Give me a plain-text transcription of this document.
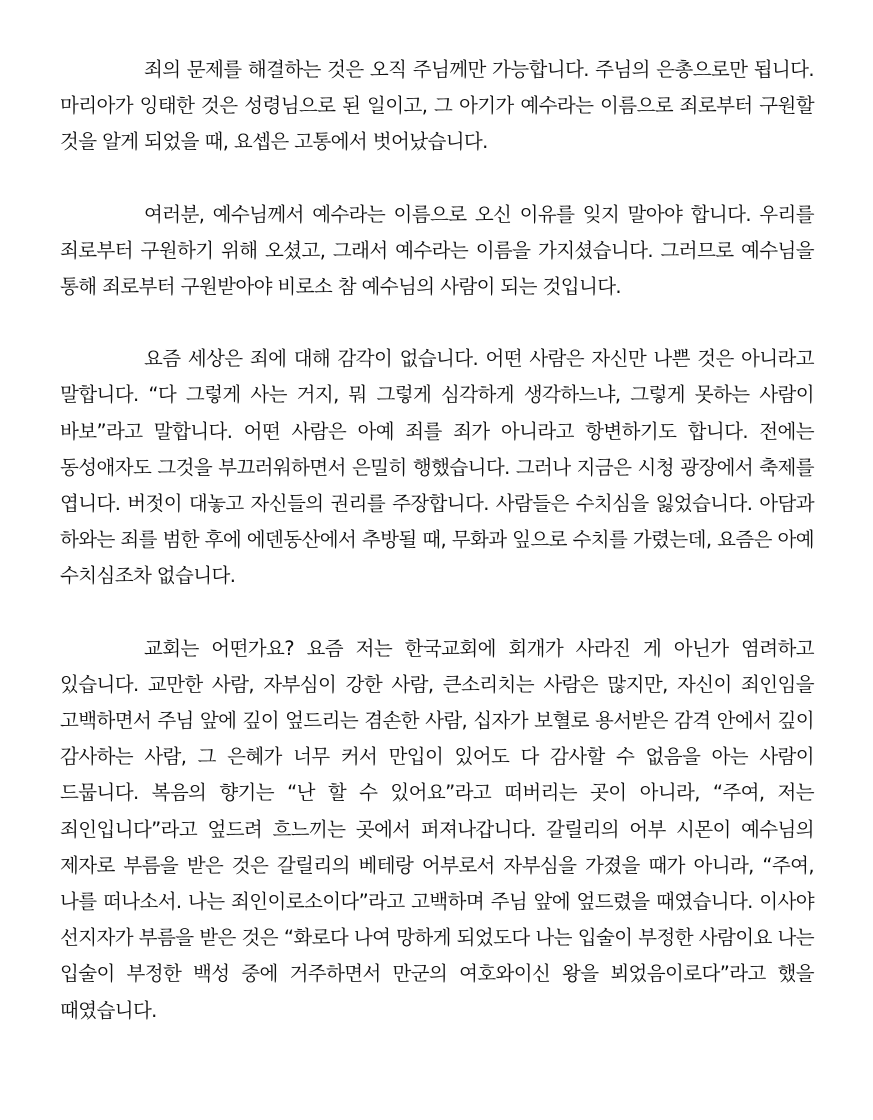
죄의 문제를 해결하는 것은 오직 주님께만 가능합니다. 주님의 은총으로만 됩니다. 마리아가 잉태한 것은 성령님으로 된 일이고, 그 아기가 예수라는 이름으로 죄로부터 구원할 것을 알게 되었을 때, 요셉은 고통에서 벗어났습니다.

여러분, 예수님께서 예수라는 이름으로 오신 이유를 잊지 말아야 합니다. 우리를 죄로부터 구원하기 위해 오셨고, 그래서 예수라는 이름을 가지셨습니다. 그러므로 예수님을 통해 죄로부터 구원받아야 비로소 참 예수님의 사람이 되는 것입니다.

요즘 세상은 죄에 대해 감각이 없습니다. 어떤 사람은 자신만 나쁜 것은 아니라고 말합니다. “다 그렇게 사는 거지, 뭐 그렇게 심각하게 생각하느냐, 그렇게 못하는 사람이 바보”라고 말합니다. 어떤 사람은 아예 죄를 죄가 아니라고 항변하기도 합니다. 전에는 동성애자도 그것을 부끄러워하면서 은밀히 행했습니다. 그러나 지금은 시청 광장에서 축제를 엽니다. 버젓이 대놓고 자신들의 권리를 주장합니다. 사람들은 수치심을 잃었습니다. 아담과 하와는 죄를 범한 후에 에덴동산에서 추방될 때, 무화과 잎으로 수치를 가렸는데, 요즘은 아예 수치심조차 없습니다.

교회는 어떤가요? 요즘 저는 한국교회에 회개가 사라진 게 아닌가 염려하고 있습니다. 교만한 사람, 자부심이 강한 사람, 큰소리치는 사람은 많지만, 자신이 죄인임을 고백하면서 주님 앞에 깊이 엎드리는 겸손한 사람, 십자가 보혈로 용서받은 감격 안에서 깊이 감사하는 사람, 그 은혜가 너무 커서 만입이 있어도 다 감사할 수 없음을 아는 사람이 드뭅니다. 복음의 향기는 “난 할 수 있어요”라고 떠버리는 곳이 아니라, “주여, 저는 죄인입니다”라고 엎드려 흐느끼는 곳에서 퍼져나갑니다. 갈릴리의 어부 시몬이 예수님의 제자로 부름을 받은 것은 갈릴리의 베테랑 어부로서 자부심을 가졌을 때가 아니라, “주여, 나를 떠나소서. 나는 죄인이로소이다”라고 고백하며 주님 앞에 엎드렸을 때였습니다. 이사야 선지자가 부름을 받은 것은 “화로다 나여 망하게 되었도다 나는 입술이 부정한 사람이요 나는 입술이 부정한 백성 중에 거주하면서 만군의 여호와이신 왕을 뵈었음이로다”라고 했을 때였습니다.
